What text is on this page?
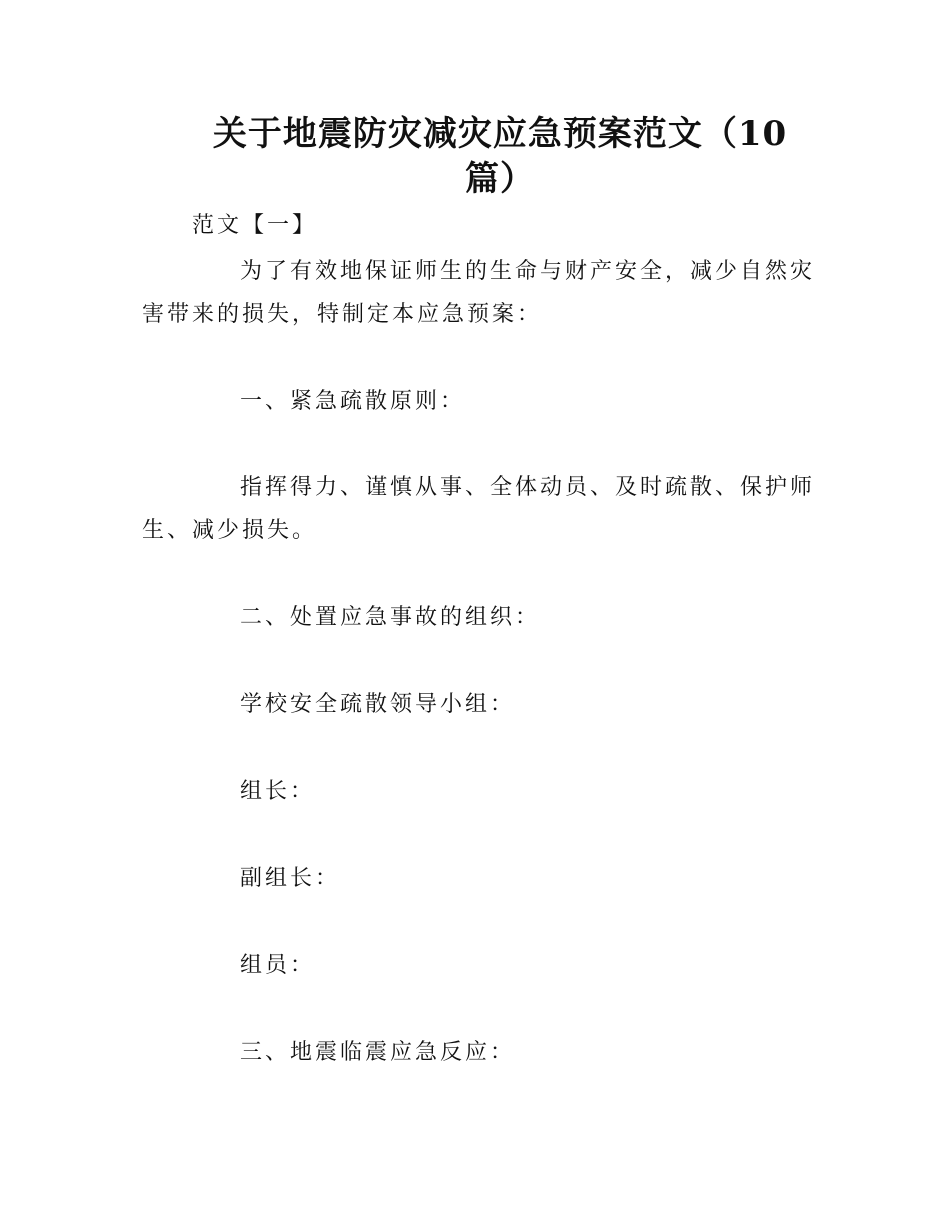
关于地震防灾减灾应急预案范文（10
篇）

范文【一】

为了有效地保证师生的生命与财产安全，减少自然灾

害带来的损失，特制定本应急预案：

一、紧急疏散原则：

指挥得力、谨慎从事、全体动员、及时疏散、保护师

生、减少损失。

二、处置应急事故的组织：

学校安全疏散领导小组：

组长：

副组长：

组员：

三、地震临震应急反应：
